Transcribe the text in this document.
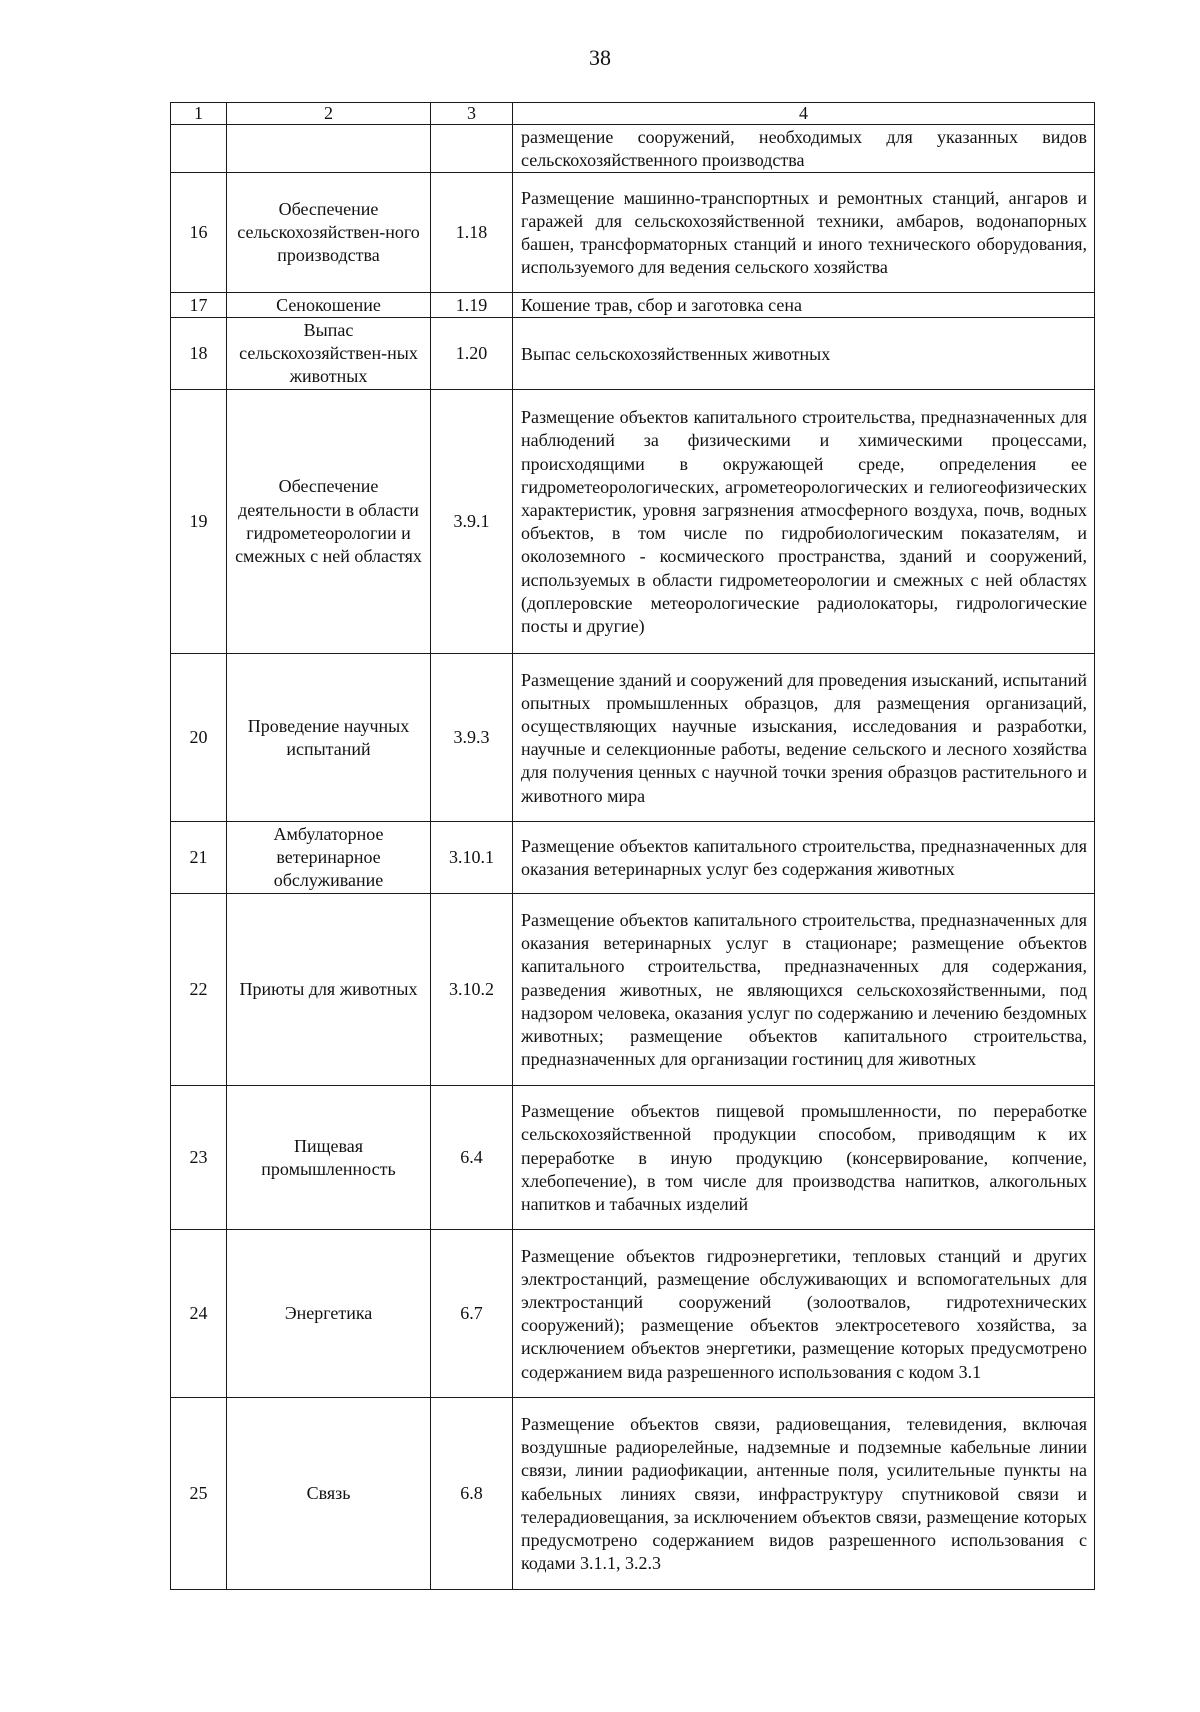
38
1	2	3	4
			размещение сооружений, необходимых для указанных видов сельскохозяйственного производства
16	Обеспечение сельскохозяйствен-ного производства	1.18	Размещение машинно-транспортных и ремонтных станций, ангаров и гаражей для сельскохозяйственной техники, амбаров, водонапорных башен, трансформаторных станций и иного технического оборудования, используемого для ведения сельского хозяйства
17	Сенокошение	1.19	Кошение трав, сбор и заготовка сена
18	Выпас сельскохозяйствен-ных животных	1.20	Выпас сельскохозяйственных животных
19	Обеспечение деятельности в области гидрометеорологии и смежных с ней областях	3.9.1	Размещение объектов капитального строительства, предназначенных для наблюдений за физическими и химическими процессами, происходящими в окружающей среде, определения ее гидрометеорологических, агрометеорологических и гелиогеофизических характеристик, уровня загрязнения атмосферного воздуха, почв, водных объектов, в том числе по гидробиологическим показателям, и околоземного - космического пространства, зданий и сооружений, используемых в области гидрометеорологии и смежных с ней областях (доплеровские метеорологические радиолокаторы, гидрологические посты и другие)
20	Проведение научных испытаний	3.9.3	Размещение зданий и сооружений для проведения изысканий, испытаний опытных промышленных образцов, для размещения организаций, осуществляющих научные изыскания, исследования и разработки, научные и селекционные работы, ведение сельского и лесного хозяйства для получения ценных с научной точки зрения образцов растительного и животного мира
21	Амбулаторное ветеринарное обслуживание	3.10.1	Размещение объектов капитального строительства, предназначенных для оказания ветеринарных услуг без содержания животных
22	Приюты для животных	3.10.2	Размещение объектов капитального строительства, предназначенных для оказания ветеринарных услуг в стационаре; размещение объектов капитального строительства, предназначенных для содержания, разведения животных, не являющихся сельскохозяйственными, под надзором человека, оказания услуг по содержанию и лечению бездомных животных; размещение объектов капитального строительства, предназначенных для организации гостиниц для животных
23	Пищевая промышленность	6.4	Размещение объектов пищевой промышленности, по переработке сельскохозяйственной продукции способом, приводящим к их переработке в иную продукцию (консервирование, копчение, хлебопечение), в том числе для производства напитков, алкогольных напитков и табачных изделий
24	Энергетика	6.7	Размещение объектов гидроэнергетики, тепловых станций и других электростанций, размещение обслуживающих и вспомогательных для электростанций сооружений (золоотвалов, гидротехнических сооружений); размещение объектов электросетевого хозяйства, за исключением объектов энергетики, размещение которых предусмотрено содержанием вида разрешенного использования с кодом 3.1
25	Связь	6.8	Размещение объектов связи, радиовещания, телевидения, включая воздушные радиорелейные, надземные и подземные кабельные линии связи, линии радиофикации, антенные поля, усилительные пункты на кабельных линиях связи, инфраструктуру спутниковой связи и телерадиовещания, за исключением объектов связи, размещение которых предусмотрено содержанием видов разрешенного использования с кодами 3.1.1, 3.2.3
